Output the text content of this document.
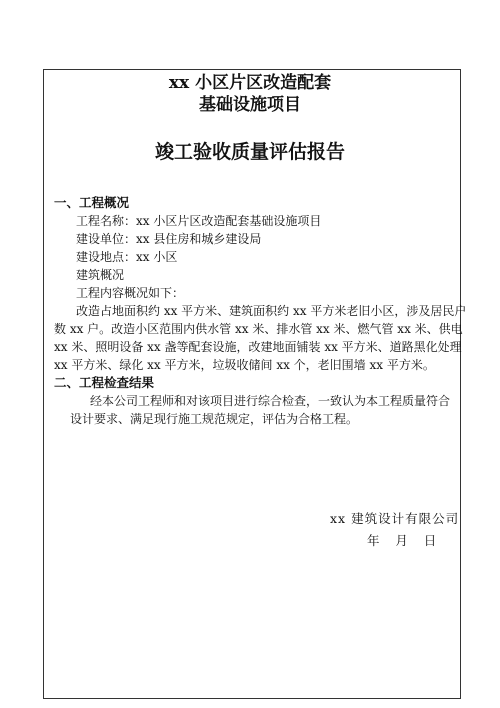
xx 小区片区改造配套
基础设施项目
竣工验收质量评估报告
一、工程概况
工程名称：xx 小区片区改造配套基础设施项目
建设单位：xx 县住房和城乡建设局
建设地点：xx 小区
建筑概况
工程内容概况如下：
改造占地面积约 xx 平方米、建筑面积约 xx 平方米老旧小区，涉及居民户
数 xx 户。改造小区范围内供水管 xx 米、排水管 xx 米、燃气管 xx 米、供电
xx 米、照明设备 xx 盏等配套设施，改建地面铺装 xx 平方米、道路黑化处理
xx 平方米、绿化 xx 平方米，垃圾收储间 xx 个，老旧围墙 xx 平方米。
二、工程检查结果
经本公司工程师和对该项目进行综合检查，一致认为本工程质量符合
设计要求、满足现行施工规范规定，评估为合格工程。
xx 建筑设计有限公司
年    月    日
